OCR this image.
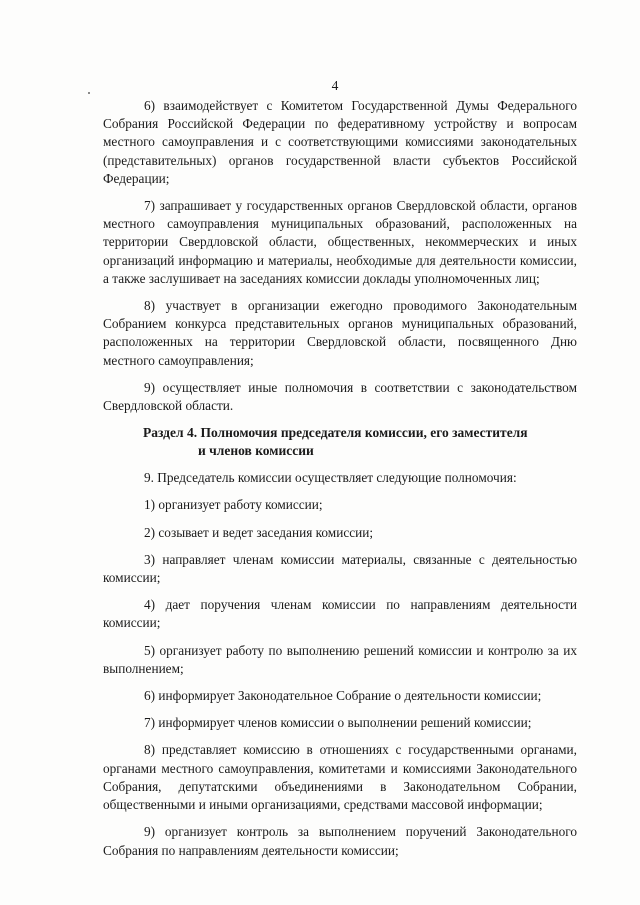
4

6) взаимодействует с Комитетом Государственной Думы Федерального Собрания Российской Федерации по федеративному устройству и вопросам местного самоуправления и с соответствующими комиссиями законодательных (представительных) органов государственной власти субъектов Российской Федерации;

7) запрашивает у государственных органов Свердловской области, органов местного самоуправления муниципальных образований, расположенных на территории Свердловской области, общественных, некоммерческих и иных организаций информацию и материалы, необходимые для деятельности комиссии, а также заслушивает на заседаниях комиссии доклады уполномоченных лиц;

8) участвует в организации ежегодно проводимого Законодательным Собранием конкурса представительных органов муниципальных образований, расположенных на территории Свердловской области, посвященного Дню местного самоуправления;

9) осуществляет иные полномочия в соответствии с законодательством Свердловской области.

Раздел 4. Полномочия председателя комиссии, его заместителя
и членов комиссии

9. Председатель комиссии осуществляет следующие полномочия:

1) организует работу комиссии;

2) созывает и ведет заседания комиссии;

3) направляет членам комиссии материалы, связанные с деятельностью комиссии;

4) дает поручения членам комиссии по направлениям деятельности комиссии;

5) организует работу по выполнению решений комиссии и контролю за их выполнением;

6) информирует Законодательное Собрание о деятельности комиссии;

7) информирует членов комиссии о выполнении решений комиссии;

8) представляет комиссию в отношениях с государственными органами, органами местного самоуправления, комитетами и комиссиями Законодательного Собрания, депутатскими объединениями в Законодательном Собрании, общественными и иными организациями, средствами массовой информации;

9) организует контроль за выполнением поручений Законодательного Собрания по направлениям деятельности комиссии;
